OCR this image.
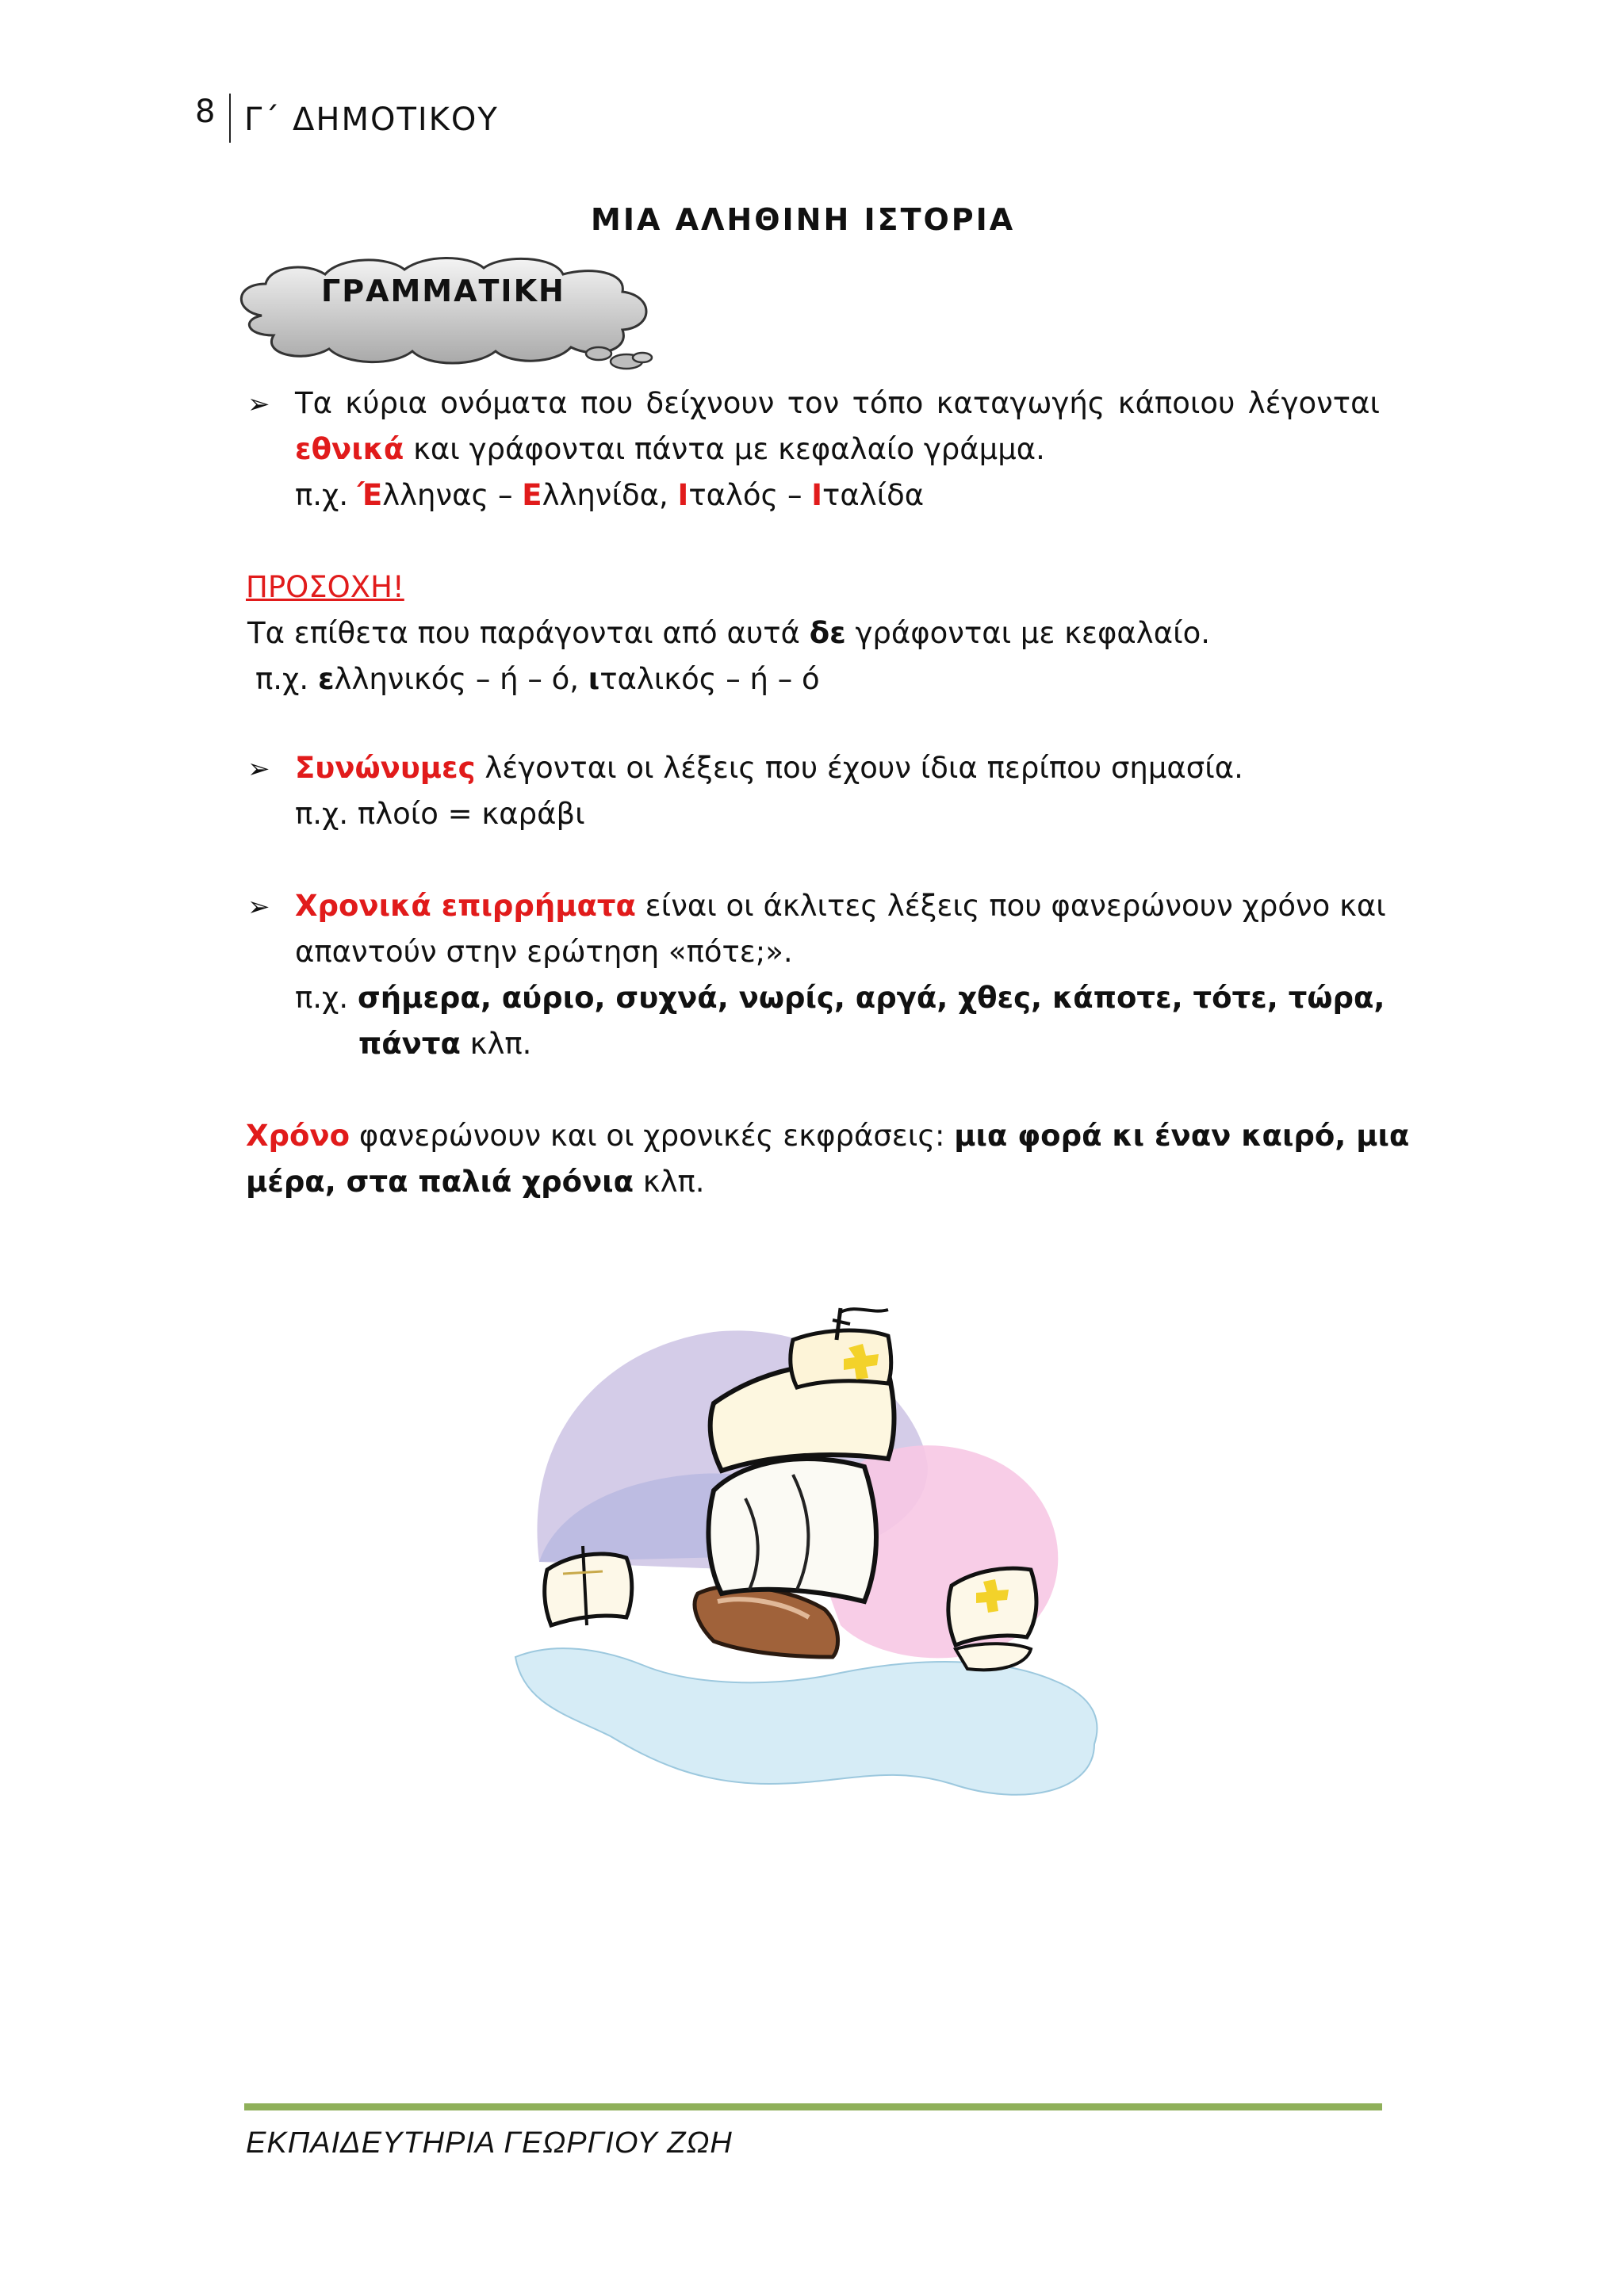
8 Γ΄ ΔΗΜΟΤΙΚΟΥ
ΜΙΑ ΑΛΗΘΙΝΗ ΙΣΤΟΡΙΑ
ΓΡΑΜΜΑΤΙΚΗ
➢ Τα κύρια ονόματα που δείχνουν τον τόπο καταγωγής κάποιου λέγονται
εθνικά και γράφονται πάντα με κεφαλαίο γράμμα.
π.χ. Έλληνας – Ελληνίδα, Ιταλός – Ιταλίδα
ΠΡΟΣΟΧΗ!
Τα επίθετα που παράγονται από αυτά δε γράφονται με κεφαλαίο.
π.χ. ελληνικός – ή – ό, ιταλικός – ή – ό
➢ Συνώνυμες λέγονται οι λέξεις που έχουν ίδια περίπου σημασία.
π.χ. πλοίο = καράβι
➢ Χρονικά επιρρήματα είναι οι άκλιτες λέξεις που φανερώνουν χρόνο και
απαντούν στην ερώτηση «πότε;».
π.χ. σήμερα, αύριο, συχνά, νωρίς, αργά, χθες, κάποτε, τότε, τώρα,
πάντα κλπ.
Χρόνο φανερώνουν και οι χρονικές εκφράσεις: μια φορά κι έναν καιρό, μια
μέρα, στα παλιά χρόνια κλπ.
ΕΚΠΑΙΔΕΥΤΗΡΙΑ ΓΕΩΡΓΙΟΥ ΖΩΗ
